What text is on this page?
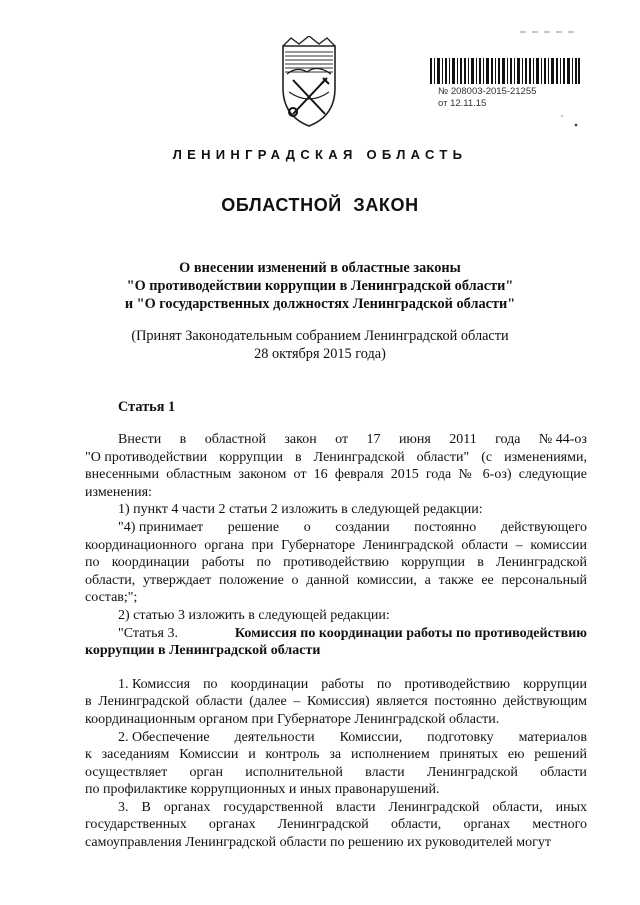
№ 208003-2015-21255
от 12.11.15
ЛЕНИНГРАДСКАЯ ОБЛАСТЬ
ОБЛАСТНОЙ ЗАКОН
О внесении изменений в областные законы
"О противодействии коррупции в Ленинградской области"
и "О государственных должностях Ленинградской области"
(Принят Законодательным собранием Ленинградской области
28 октября 2015 года)
Статья 1
Внести в областной закон от 17 июня 2011 года № 44-оз
"О противодействии коррупции в Ленинградской области" (с изменениями,
внесенными областным законом от 16 февраля 2015 года № 6-оз) следующие
изменения:
1) пункт 4 части 2 статьи 2 изложить в следующей редакции:
"4) принимает решение о создании постоянно действующего
координационного органа при Губернаторе Ленинградской области – комиссии
по координации работы по противодействию коррупции в Ленинградской
области, утверждает положение о данной комиссии, а также ее персональный
состав;";
2) статью 3 изложить в следующей редакции:
"Статья 3.	Комиссия по координации работы по противодействию
коррупции в Ленинградской области
1. Комиссия по координации работы по противодействию коррупции
в Ленинградской области (далее – Комиссия) является постоянно действующим
координационным органом при Губернаторе Ленинградской области.
2. Обеспечение деятельности Комиссии, подготовку материалов
к заседаниям Комиссии и контроль за исполнением принятых ею решений
осуществляет орган исполнительной власти Ленинградской области
по профилактике коррупционных и иных правонарушений.
3. В органах государственной власти Ленинградской области, иных
государственных органах Ленинградской области, органах местного
самоуправления Ленинградской области по решению их руководителей могут
